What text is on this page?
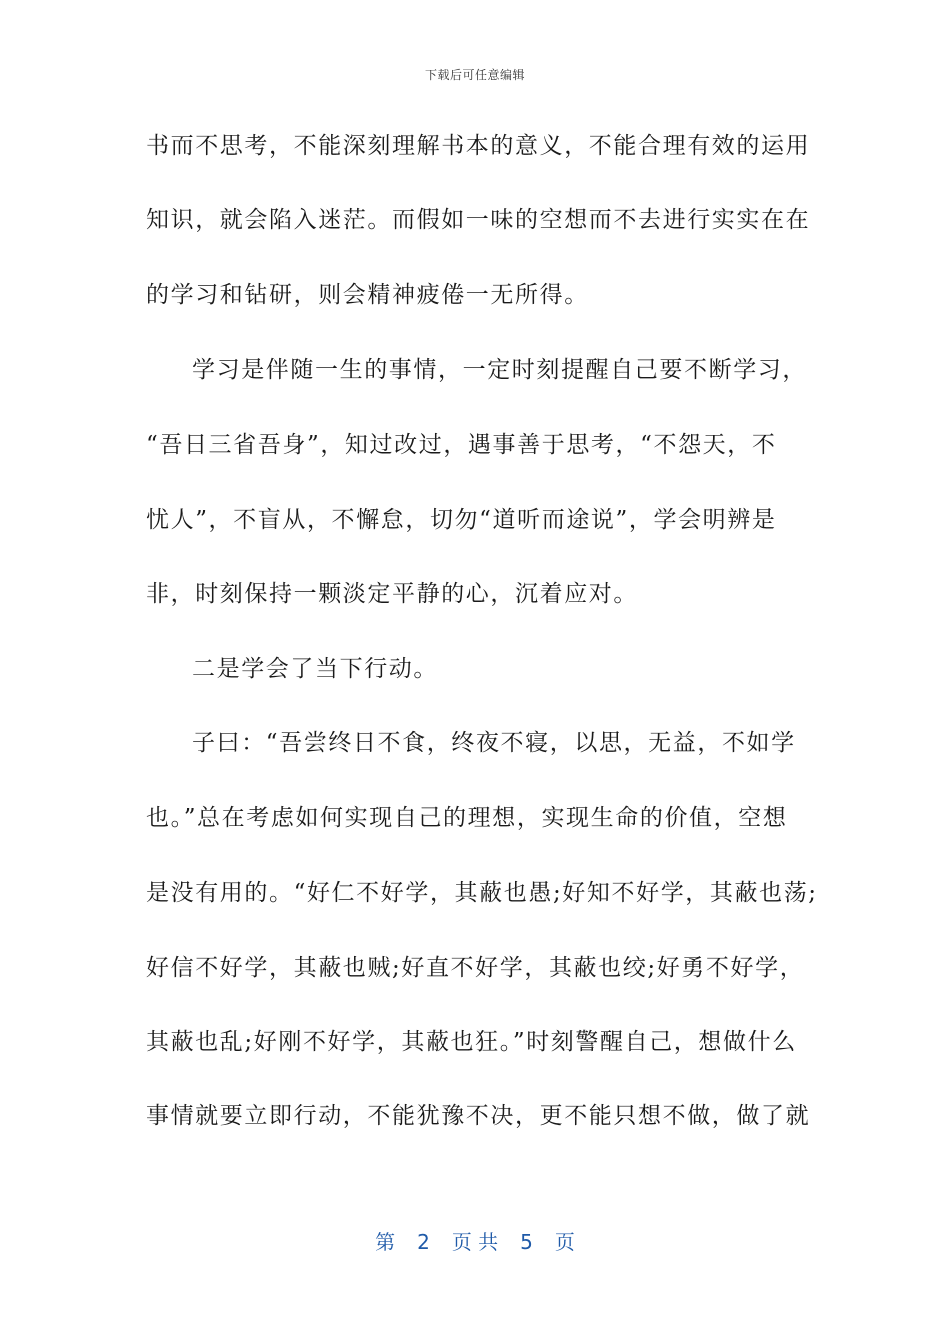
下载后可任意编辑

书而不思考，不能深刻理解书本的意义，不能合理有效的运用

知识，就会陷入迷茫。而假如一味的空想而不去进行实实在在

的学习和钻研，则会精神疲倦一无所得。

学习是伴随一生的事情，一定时刻提醒自己要不断学习，

“吾日三省吾身”，知过改过，遇事善于思考，“不怨天，不

忧人”，不盲从，不懈怠，切勿“道听而途说”，学会明辨是

非，时刻保持一颗淡定平静的心，沉着应对。

二是学会了当下行动。

子曰：“吾尝终日不食，终夜不寝，以思，无益，不如学

也。”总在考虑如何实现自己的理想，实现生命的价值，空想

是没有用的。“好仁不好学，其蔽也愚;好知不好学，其蔽也荡;

好信不好学，其蔽也贼;好直不好学，其蔽也绞;好勇不好学，

其蔽也乱;好刚不好学，其蔽也狂。”时刻警醒自己，想做什么

事情就要立即行动，不能犹豫不决，更不能只想不做，做了就

第 2 页 共 5 页
